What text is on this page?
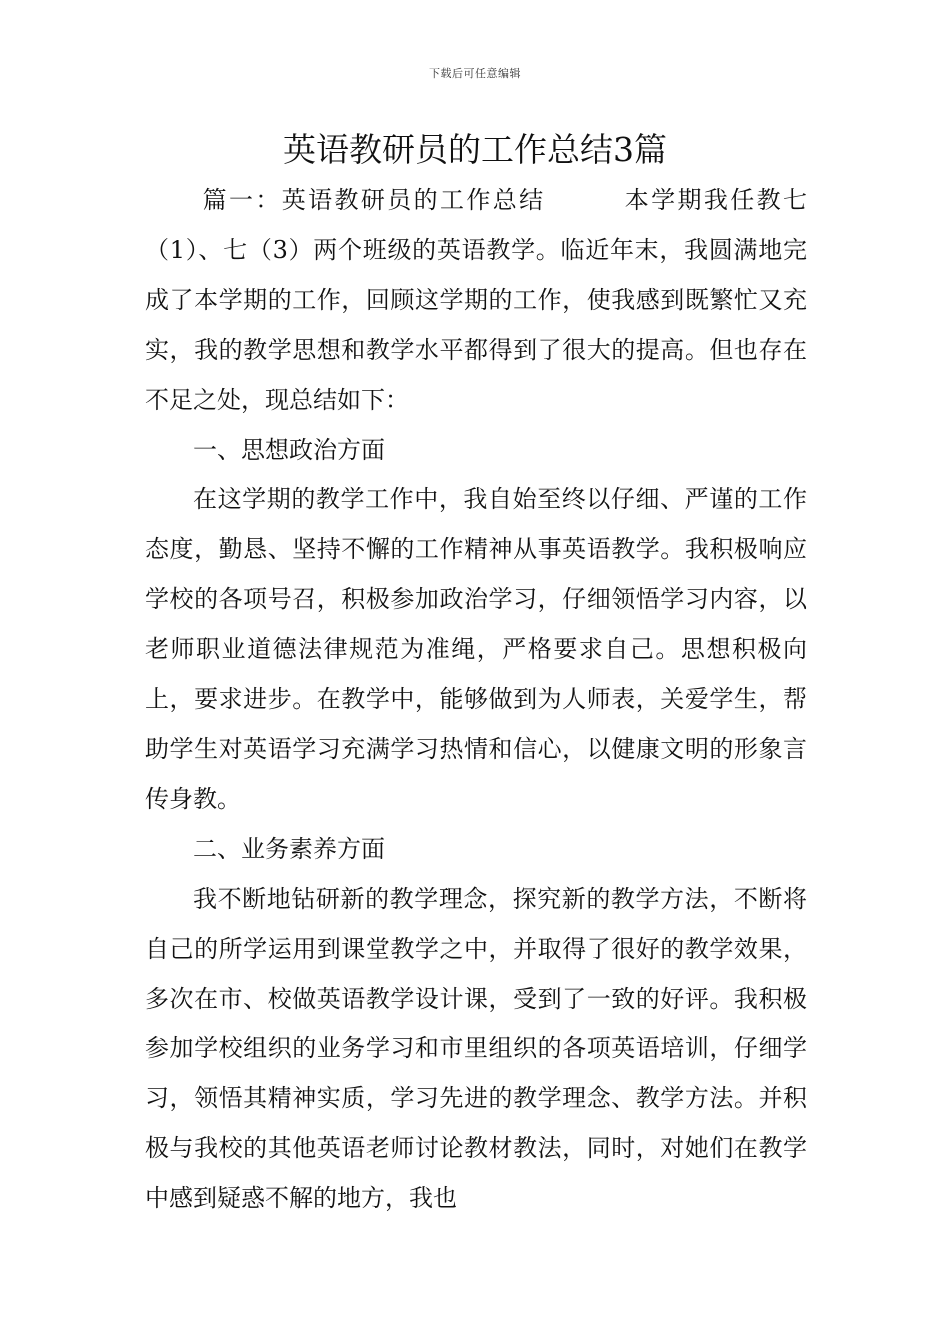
下载后可任意编辑
英语教研员的工作总结3篇

篇一：英语教研员的工作总结　　　本学期我任教七（1）、七（3）两个班级的英语教学。临近年末，我圆满地完成了本学期的工作，回顾这学期的工作，使我感到既繁忙又充实，我的教学思想和教学水平都得到了很大的提高。但也存在不足之处，现总结如下：

一、思想政治方面

在这学期的教学工作中，我自始至终以仔细、严谨的工作态度，勤恳、坚持不懈的工作精神从事英语教学。我积极响应学校的各项号召，积极参加政治学习，仔细领悟学习内容，以老师职业道德法律规范为准绳，严格要求自己。思想积极向上，要求进步。在教学中，能够做到为人师表，关爱学生，帮助学生对英语学习充满学习热情和信心，以健康文明的形象言传身教。

二、业务素养方面

我不断地钻研新的教学理念，探究新的教学方法，不断将自己的所学运用到课堂教学之中，并取得了很好的教学效果，多次在市、校做英语教学设计课，受到了一致的好评。我积极参加学校组织的业务学习和市里组织的各项英语培训，仔细学习，领悟其精神实质，学习先进的教学理念、教学方法。并积极与我校的其他英语老师讨论教材教法，同时，对她们在教学中感到疑惑不解的地方，我也
